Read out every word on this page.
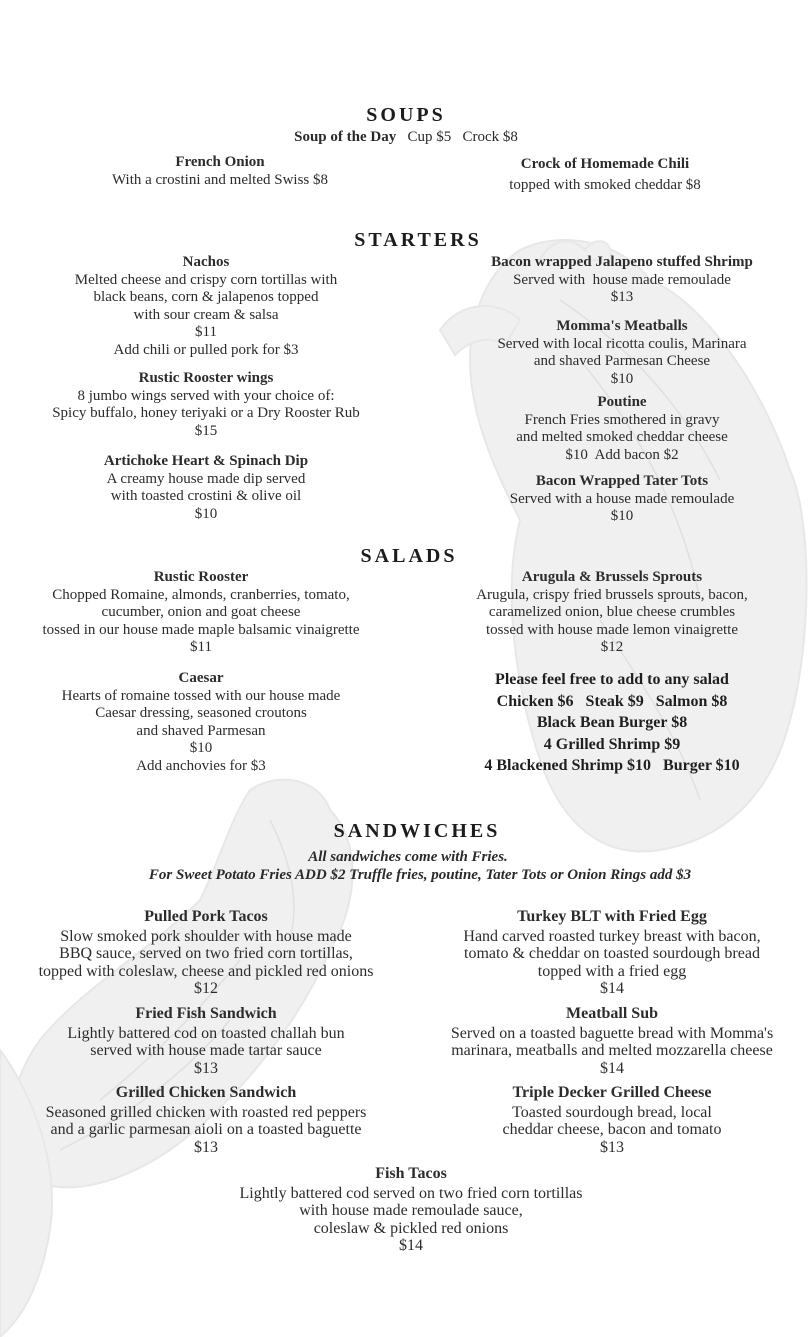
SOUPS
Soup of the Day Cup $5   Crock $8
French Onion
With a crostini and melted Swiss $8
Crock of Homemade Chili
topped with smoked cheddar $8
STARTERS
Nachos
Melted cheese and crispy corn tortillas with
black beans, corn & jalapenos topped
with sour cream & salsa
$11
Add chili or pulled pork for $3
Rustic Rooster wings
8 jumbo wings served with your choice of:
Spicy buffalo, honey teriyaki or a Dry Rooster Rub
$15
Artichoke Heart & Spinach Dip
A creamy house made dip served
with toasted crostini & olive oil
$10
Bacon wrapped Jalapeno stuffed Shrimp
Served with  house made remoulade
$13
Momma's Meatballs
Served with local ricotta coulis, Marinara
and shaved Parmesan Cheese
$10
Poutine
French Fries smothered in gravy
and melted smoked cheddar cheese
$10  Add bacon $2
Bacon Wrapped Tater Tots
Served with a house made remoulade
$10
SALADS
Rustic Rooster
Chopped Romaine, almonds, cranberries, tomato,
cucumber, onion and goat cheese
tossed in our house made maple balsamic vinaigrette
$11
Caesar
Hearts of romaine tossed with our house made
Caesar dressing, seasoned croutons
and shaved Parmesan
$10
Add anchovies for $3
Arugula & Brussels Sprouts
Arugula, crispy fried brussels sprouts, bacon,
caramelized onion, blue cheese crumbles
tossed with house made lemon vinaigrette
$12
Please feel free to add to any salad
Chicken $6   Steak $9   Salmon $8
Black Bean Burger $8
4 Grilled Shrimp $9
4 Blackened Shrimp $10   Burger $10
SANDWICHES
All sandwiches come with Fries.
For Sweet Potato Fries ADD $2 Truffle fries, poutine, Tater Tots or Onion Rings add $3
Pulled Pork Tacos
Slow smoked pork shoulder with house made
BBQ sauce, served on two fried corn tortillas,
topped with coleslaw, cheese and pickled red onions
$12
Fried Fish Sandwich
Lightly battered cod on toasted challah bun
served with house made tartar sauce
$13
Grilled Chicken Sandwich
Seasoned grilled chicken with roasted red peppers
and a garlic parmesan aioli on a toasted baguette
$13
Turkey BLT with Fried Egg
Hand carved roasted turkey breast with bacon,
tomato & cheddar on toasted sourdough bread
topped with a fried egg
$14
Meatball Sub
Served on a toasted baguette bread with Momma's
marinara, meatballs and melted mozzarella cheese
$14
Triple Decker Grilled Cheese
Toasted sourdough bread, local
cheddar cheese, bacon and tomato
$13
Fish Tacos
Lightly battered cod served on two fried corn tortillas
with house made remoulade sauce,
coleslaw & pickled red onions
$14
